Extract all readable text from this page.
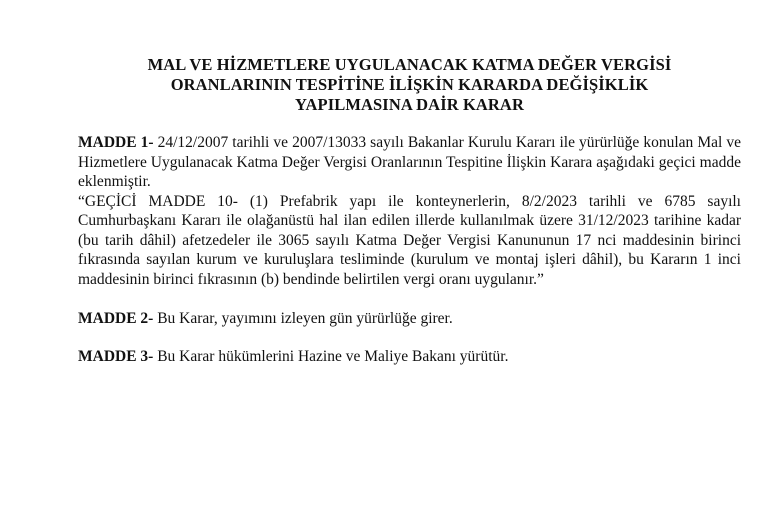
MAL VE HİZMETLERE UYGULANACAK KATMA DEĞER VERGİSİ
ORANLARININ TESPİTİNE İLİŞKİN KARARDA DEĞİŞİKLİK
YAPILMASINA DAİR KARAR

MADDE 1- 24/12/2007 tarihli ve 2007/13033 sayılı Bakanlar Kurulu Kararı ile yürürlüğe konulan Mal ve Hizmetlere Uygulanacak Katma Değer Vergisi Oranlarının Tespitine İlişkin Karara aşağıdaki geçici madde eklenmiştir.

“GEÇİCİ MADDE 10- (1) Prefabrik yapı ile konteynerlerin, 8/2/2023 tarihli ve 6785 sayılı Cumhurbaşkanı Kararı ile olağanüstü hal ilan edilen illerde kullanılmak üzere 31/12/2023 tarihine kadar (bu tarih dâhil) afetzedeler ile 3065 sayılı Katma Değer Vergisi Kanununun 17 nci maddesinin birinci fıkrasında sayılan kurum ve kuruluşlara tesliminde (kurulum ve montaj işleri dâhil), bu Kararın 1 inci maddesinin birinci fıkrasının (b) bendinde belirtilen vergi oranı uygulanır.”

MADDE 2- Bu Karar, yayımını izleyen gün yürürlüğe girer.

MADDE 3- Bu Karar hükümlerini Hazine ve Maliye Bakanı yürütür.
